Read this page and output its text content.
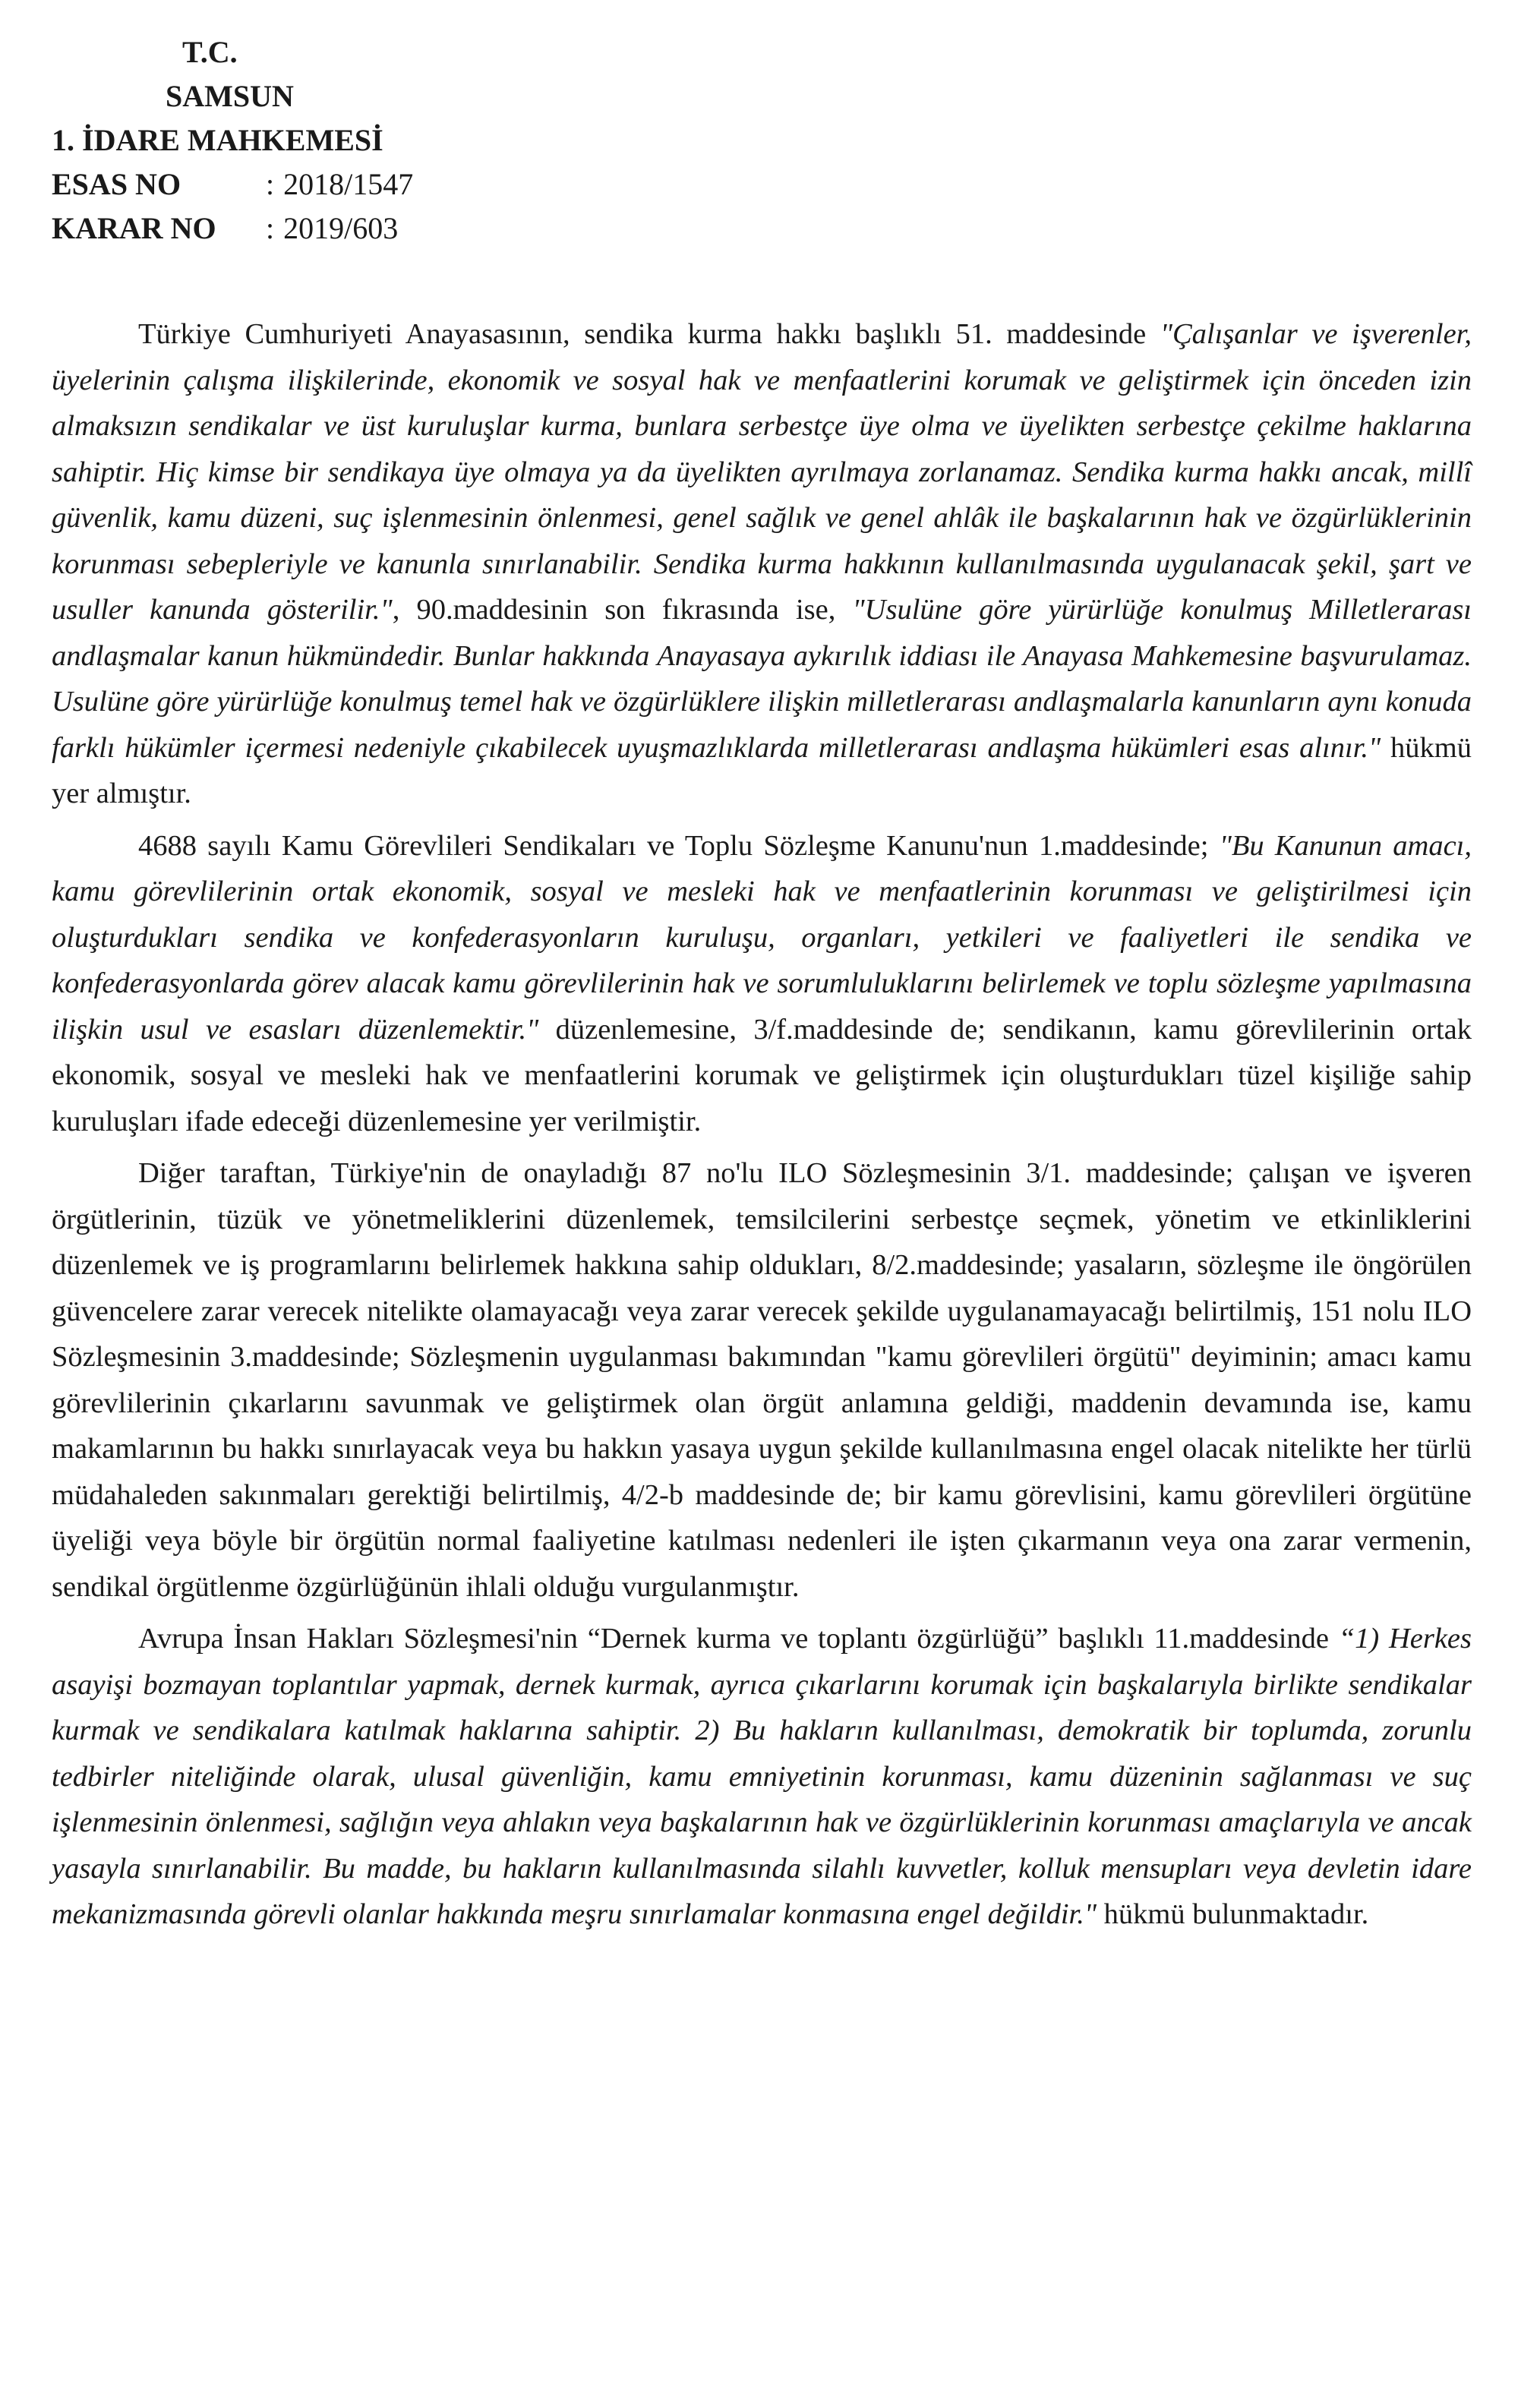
T.C.
SAMSUN
1. İDARE MAHKEMESİ
ESAS NO	: 2018/1547
KARAR NO	: 2019/603

Türkiye Cumhuriyeti Anayasasının, sendika kurma hakkı başlıklı 51. maddesinde "Çalışanlar ve işverenler, üyelerinin çalışma ilişkilerinde, ekonomik ve sosyal hak ve menfaatlerini korumak ve geliştirmek için önceden izin almaksızın sendikalar ve üst kuruluşlar kurma, bunlara serbestçe üye olma ve üyelikten serbestçe çekilme haklarına sahiptir. Hiç kimse bir sendikaya üye olmaya ya da üyelikten ayrılmaya zorlanamaz. Sendika kurma hakkı ancak, millî güvenlik, kamu düzeni, suç işlenmesinin önlenmesi, genel sağlık ve genel ahlâk ile başkalarının hak ve özgürlüklerinin korunması sebepleriyle ve kanunla sınırlanabilir. Sendika kurma hakkının kullanılmasında uygulanacak şekil, şart ve usuller kanunda gösterilir.", 90.maddesinin son fıkrasında ise, "Usulüne göre yürürlüğe konulmuş Milletlerarası andlaşmalar kanun hükmündedir. Bunlar hakkında Anayasaya aykırılık iddiası ile Anayasa Mahkemesine başvurulamaz. Usulüne göre yürürlüğe konulmuş temel hak ve özgürlüklere ilişkin milletlerarası andlaşmalarla kanunların aynı konuda farklı hükümler içermesi nedeniyle çıkabilecek uyuşmazlıklarda milletlerarası andlaşma hükümleri esas alınır." hükmü yer almıştır.

4688 sayılı Kamu Görevlileri Sendikaları ve Toplu Sözleşme Kanunu'nun 1.maddesinde; "Bu Kanunun amacı, kamu görevlilerinin ortak ekonomik, sosyal ve mesleki hak ve menfaatlerinin korunması ve geliştirilmesi için oluşturdukları sendika ve konfederasyonların kuruluşu, organları, yetkileri ve faaliyetleri ile sendika ve konfederasyonlarda görev alacak kamu görevlilerinin hak ve sorumluluklarını belirlemek ve toplu sözleşme yapılmasına ilişkin usul ve esasları düzenlemektir." düzenlemesine, 3/f.maddesinde de; sendikanın, kamu görevlilerinin ortak ekonomik, sosyal ve mesleki hak ve menfaatlerini korumak ve geliştirmek için oluşturdukları tüzel kişiliğe sahip kuruluşları ifade edeceği düzenlemesine yer verilmiştir.

Diğer taraftan, Türkiye'nin de onayladığı 87 no'lu ILO Sözleşmesinin 3/1. maddesinde; çalışan ve işveren örgütlerinin, tüzük ve yönetmeliklerini düzenlemek, temsilcilerini serbestçe seçmek, yönetim ve etkinliklerini düzenlemek ve iş programlarını belirlemek hakkına sahip oldukları, 8/2.maddesinde; yasaların, sözleşme ile öngörülen güvencelere zarar verecek nitelikte olamayacağı veya zarar verecek şekilde uygulanamayacağı belirtilmiş, 151 nolu ILO Sözleşmesinin 3.maddesinde; Sözleşmenin uygulanması bakımından "kamu görevlileri örgütü" deyiminin; amacı kamu görevlilerinin çıkarlarını savunmak ve geliştirmek olan örgüt anlamına geldiği, maddenin devamında ise, kamu makamlarının bu hakkı sınırlayacak veya bu hakkın yasaya uygun şekilde kullanılmasına engel olacak nitelikte her türlü müdahaleden sakınmaları gerektiği belirtilmiş, 4/2-b maddesinde de; bir kamu görevlisini, kamu görevlileri örgütüne üyeliği veya böyle bir örgütün normal faaliyetine katılması nedenleri ile işten çıkarmanın veya ona zarar vermenin, sendikal örgütlenme özgürlüğünün ihlali olduğu vurgulanmıştır.

Avrupa İnsan Hakları Sözleşmesi'nin “Dernek kurma ve toplantı özgürlüğü” başlıklı 11.maddesinde “1) Herkes asayişi bozmayan toplantılar yapmak, dernek kurmak, ayrıca çıkarlarını korumak için başkalarıyla birlikte sendikalar kurmak ve sendikalara katılmak haklarına sahiptir. 2) Bu hakların kullanılması, demokratik bir toplumda, zorunlu tedbirler niteliğinde olarak, ulusal güvenliğin, kamu emniyetinin korunması, kamu düzeninin sağlanması ve suç işlenmesinin önlenmesi, sağlığın veya ahlakın veya başkalarının hak ve özgürlüklerinin korunması amaçlarıyla ve ancak yasayla sınırlanabilir. Bu madde, bu hakların kullanılmasında silahlı kuvvetler, kolluk mensupları veya devletin idare mekanizmasında görevli olanlar hakkında meşru sınırlamalar konmasına engel değildir." hükmü bulunmaktadır.
